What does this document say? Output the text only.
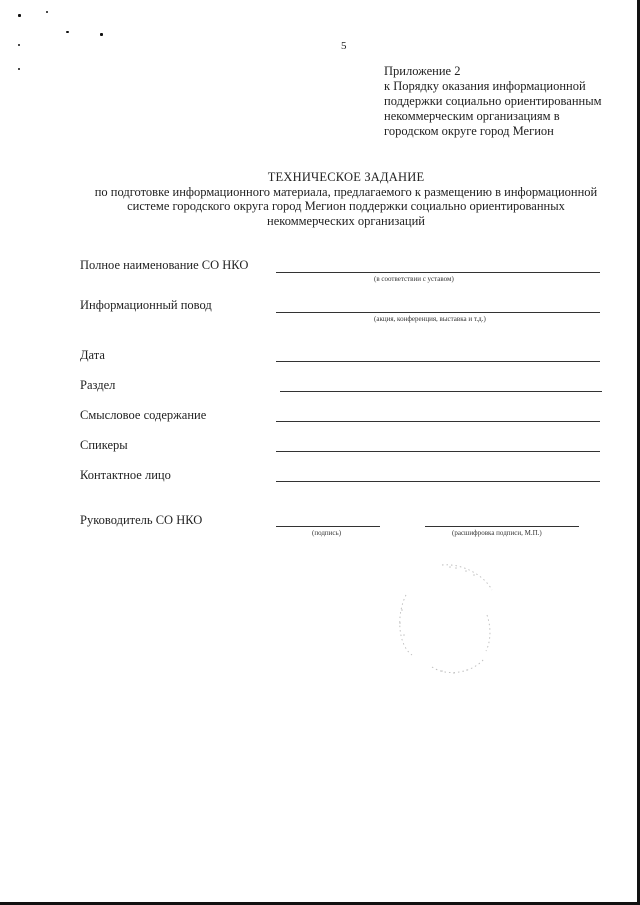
5
Приложение 2
к Порядку оказания информационной
поддержки социально ориентированным
некоммерческим организациям в
городском округе город Мегион
ТЕХНИЧЕСКОЕ ЗАДАНИЕ
по подготовке информационного материала, предлагаемого к размещению в информационной
системе городского округа город Мегион поддержки социально ориентированных
некоммерческих организаций
Полное наименование СО НКО
(в соответствии с уставом)
Информационный повод
(акция, конференция, выставка и т.д.)
Дата
Раздел
Смысловое содержание
Спикеры
Контактное лицо
Руководитель СО НКО
(подпись)	(расшифровка подписи, М.П.)
